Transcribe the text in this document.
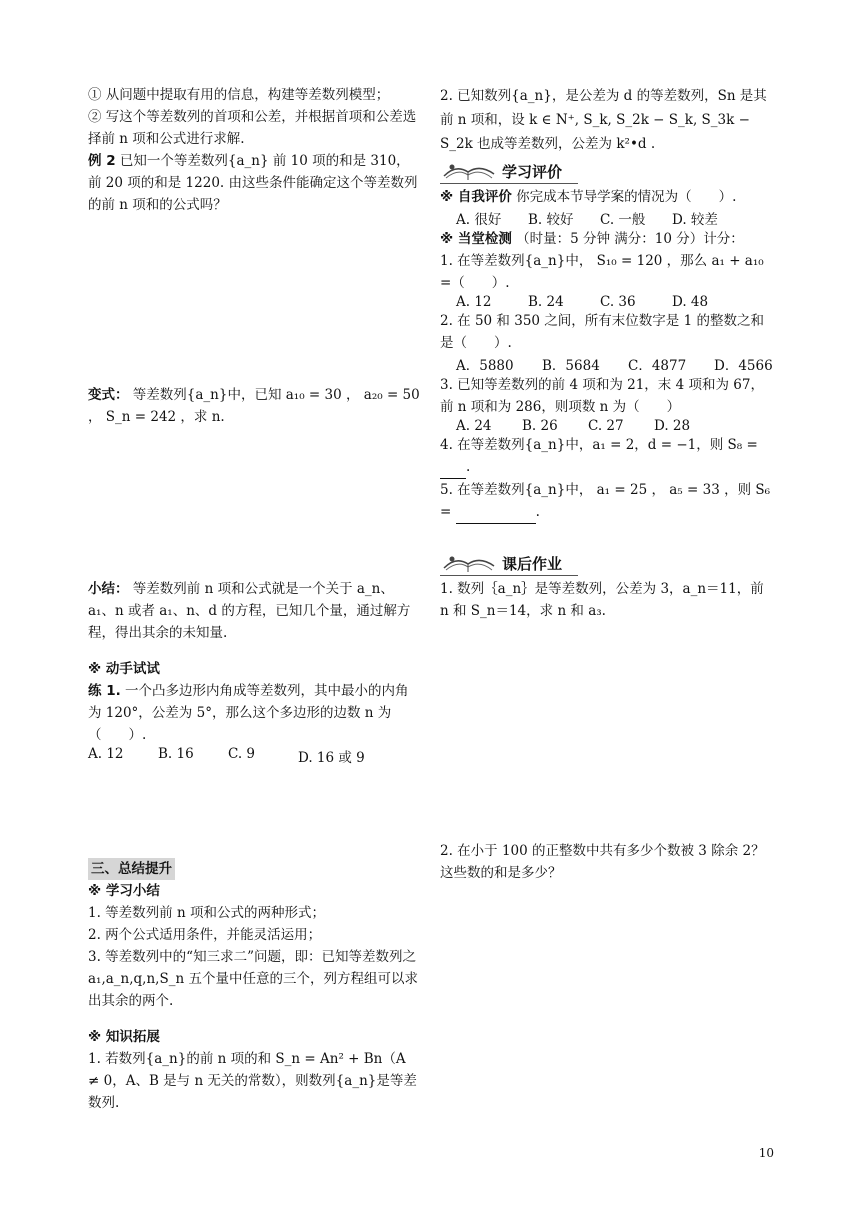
① 从问题中提取有用的信息，构建等差数列模型；

② 写这个等差数列的首项和公差，并根据首项和公差选择前 n 项和公式进行求解.

例 2 已知一个等差数列{a_n} 前 10 项的和是 310，前 20 项的和是 1220. 由这些条件能确定这个等差数列的前 n 项和的公式吗？

变式： 等差数列{a_n}中，已知 a₁₀ = 30 ， a₂₀ = 50 ， S_n = 242 ，求 n.

小结： 等差数列前 n 项和公式就是一个关于 a_n、a₁、n 或者 a₁、n、d 的方程，已知几个量，通过解方程，得出其余的未知量.

※ 动手试试

练 1. 一个凸多边形内角成等差数列，其中最小的内角为 120°，公差为 5°，那么这个多边形的边数 n 为（　　）.

A. 12	B. 16	C. 9	D. 16 或 9

三、总结提升

※ 学习小结

1. 等差数列前 n 项和公式的两种形式；

2. 两个公式适用条件，并能灵活运用；

3. 等差数列中的“知三求二”问题，即：已知等差数列之 a₁,a_n,q,n,S_n 五个量中任意的三个，列方程组可以求出其余的两个.

※ 知识拓展

1. 若数列{a_n}的前 n 项的和 S_n = An² + Bn（A ≠ 0，A、B 是与 n 无关的常数），则数列{a_n}是等差数列.

2. 已知数列{a_n}，是公差为 d 的等差数列，Sn 是其前 n 项和，设 k ∈ N⁺, S_k, S_2k − S_k, S_3k − S_2k 也成等差数列，公差为 k²•d .

学习评价

※ 自我评价 你完成本节导学案的情况为（　　）.

A. 很好	B. 较好	C. 一般	D. 较差

※ 当堂检测 （时量：5 分钟 满分：10 分）计分：

1. 在等差数列{a_n}中， S₁₀ = 120 ，那么 a₁ + a₁₀ =（　　）.

A. 12	B. 24	C. 36	D. 48

2. 在 50 和 350 之间，所有末位数字是 1 的整数之和是（　　）.

A．5880	B．5684	C．4877	D．4566

3. 已知等差数列的前 4 项和为 21，末 4 项和为 67，前 n 项和为 286，则项数 n 为（　　）

A. 24	B. 26	C. 27	D. 28

4. 在等差数列{a_n}中，a₁ = 2，d = −1，则 S₈ =  .

5. 在等差数列{a_n}中， a₁ = 25 ， a₅ = 33 ，则 S₆ =	.

课后作业

1. 数列｛a_n｝是等差数列，公差为 3，a_n＝11，前 n 和 S_n＝14，求 n 和 a₃.

2. 在小于 100 的正整数中共有多少个数被 3 除余 2？这些数的和是多少？

10
